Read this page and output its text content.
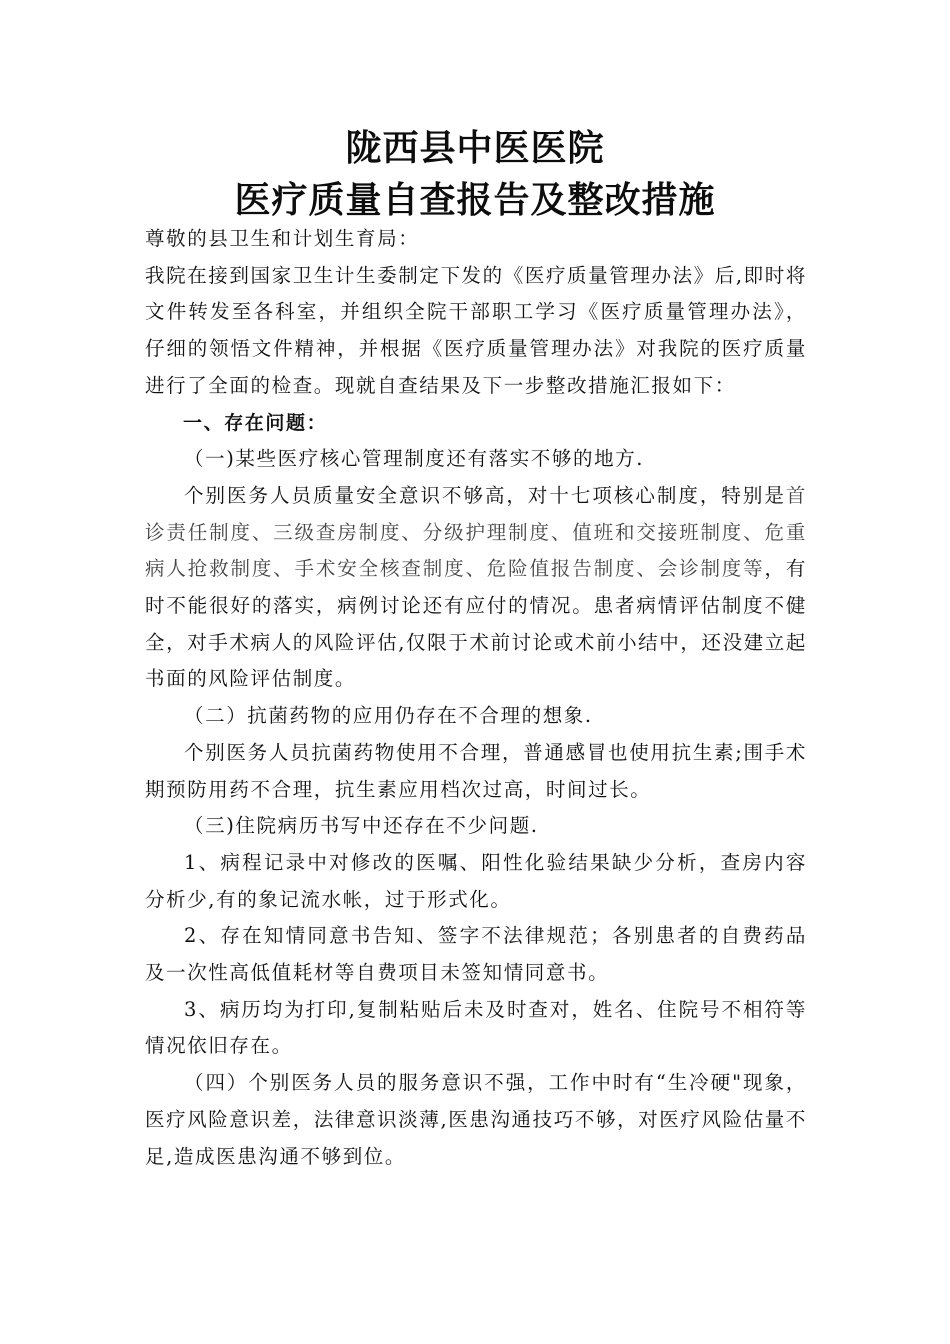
陇西县中医医院
医疗质量自查报告及整改措施

尊敬的县卫生和计划生育局：

我院在接到国家卫生计生委制定下发的《医疗质量管理办法》后,即时将文件转发至各科室，并组织全院干部职工学习《医疗质量管理办法》，仔细的领悟文件精神，并根据《医疗质量管理办法》对我院的医疗质量进行了全面的检查。现就自查结果及下一步整改措施汇报如下：

一、存在问题：

（一)某些医疗核心管理制度还有落实不够的地方.

个别医务人员质量安全意识不够高，对十七项核心制度，特别是首诊责任制度、三级查房制度、分级护理制度、值班和交接班制度、危重病人抢救制度、手术安全核查制度、危险值报告制度、会诊制度等，有时不能很好的落实，病例讨论还有应付的情况。患者病情评估制度不健全，对手术病人的风险评估,仅限于术前讨论或术前小结中，还没建立起书面的风险评估制度。

（二）抗菌药物的应用仍存在不合理的想象.

个别医务人员抗菌药物使用不合理，普通感冒也使用抗生素;围手术期预防用药不合理，抗生素应用档次过高，时间过长。

（三)住院病历书写中还存在不少问题.

1、病程记录中对修改的医嘱、阳性化验结果缺少分析，查房内容分析少,有的象记流水帐，过于形式化。

2、存在知情同意书告知、签字不法律规范；各别患者的自费药品及一次性高低值耗材等自费项目未签知情同意书。

3、病历均为打印,复制粘贴后未及时查对，姓名、住院号不相符等情况依旧存在。

（四）个别医务人员的服务意识不强，工作中时有“生冷硬"现象，医疗风险意识差，法律意识淡薄,医患沟通技巧不够，对医疗风险估量不足,造成医患沟通不够到位。
